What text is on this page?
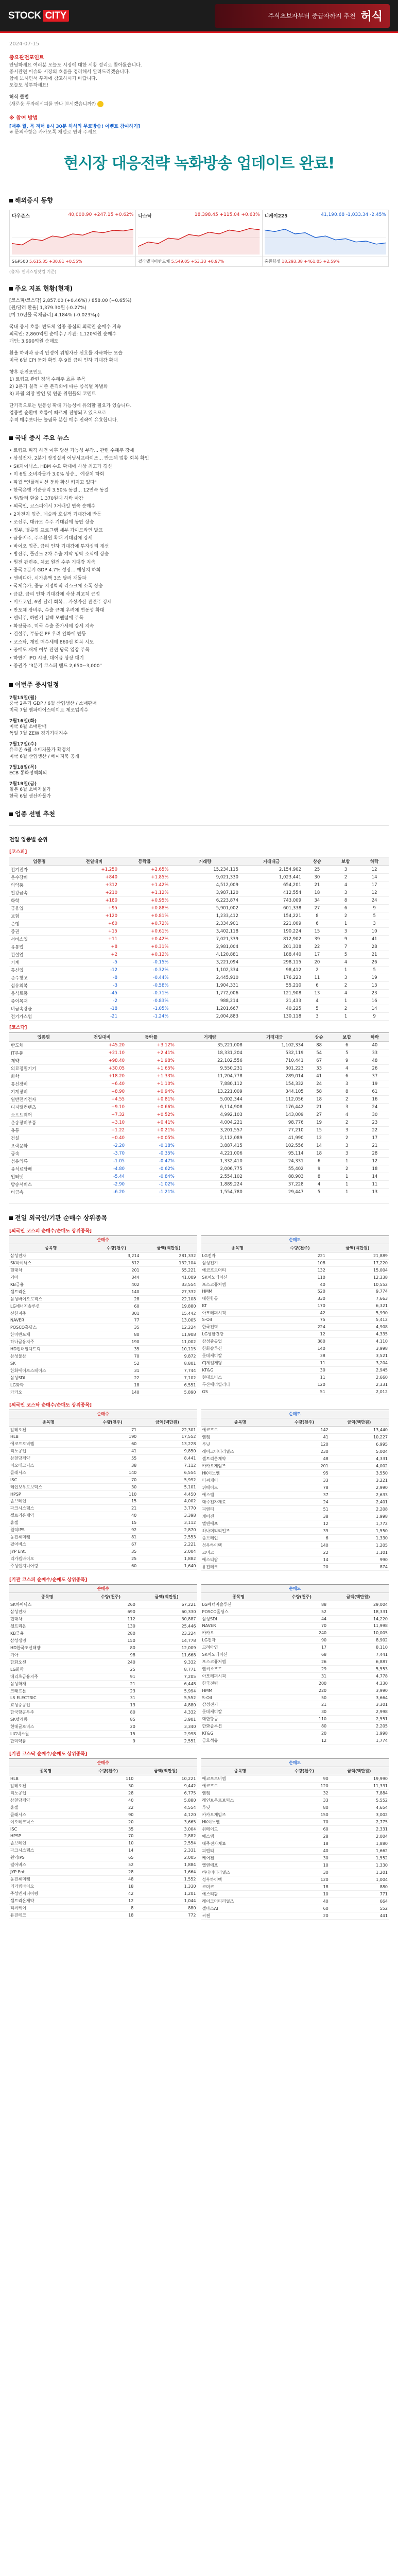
STOCK CITY	주식초보자부터 중급자까지 추천 허식
2024-07-15
중요관전포인트

안녕하세요 여러분 오늘도 시장에 대한 시황 정리로 찾아왔습니다.

증시관련 이슈와 시장의 흐름을 정리해서 알려드리겠습니다.

함께 보시면서 투자에 참고하시기 바랍니다.

오늘도 성투하세요!

허식 클럽
(새로운 투자레시피를 만나 보시겠습니까?)
※ 참여 방법
[매주 월, 목 저녁 8시 30분 허식의 무료방송! 이벤트 참여하기]
※ 문의사항은 카카오톡 채널로 연락 주세요
현시장 대응전략 녹화방송 업데이트 완료!
해외증시 동향
다우존스	40,000.90 +247.15 +0.62% 나스닥	18,398.45 +115.04 +0.63% 니케이225	41,190.68 -1,033.34 -2.45%
S&P500 5,615.35 +30.81 +0.55%	필라델피아반도체 5,549.05 +53.33 +0.97%	홍콩항셍 18,293.38 +461.05 +2.59%
(출처: 인베스팅닷컴 기준)
주요 지표 현황(현재)
[코스피/코스닥] 2,857.00 (+0.46%) / 858.00 (+0.65%)
[원/달러 환율] 1,379.30원 (-0.27%)
[미 10년물 국채금리] 4.184% (-0.023%p)
국내 증시 흐름: 반도체 업종 중심의 외국인 순매수 지속
외국인: 2,860억원 순매수 / 기관: 1,120억원 순매수
개인: 3,990억원 순매도
환율 하락과 금리 안정이 위험자산 선호를 자극하는 모습
미국 6월 CPI 둔화 확인 후 9월 금리 인하 기대감 확대
향후 관전포인트
1) 트럼프 관련 정책 수혜주 흐름 주목
2) 2분기 실적 시즌 본격화에 따른 종목별 차별화
3) 파월 의장 발언 및 연준 위원들의 코멘트
단기적으로는 변동성 확대 가능성에 유의할 필요가 있습니다.
업종별 순환매 흐름이 빠르게 진행되고 있으므로
추격 매수보다는 눌림목 분할 매수 전략이 유효합니다.
국내 증시 주요 뉴스
• 트럼프 피격 사건 이후 당선 가능성 부각... 관련 수혜주 강세
• 삼성전자, 2분기 잠정실적 어닝서프라이즈... 반도체 업황 회복 확인
• SK하이닉스, HBM 수요 확대에 사상 최고가 경신
• 미 6월 소비자물가 3.0% 상승... 예상치 하회
• 파월 "인플레이션 둔화 확신 커지고 있다"
• 한국은행 기준금리 3.50% 동결... 12연속 동결
• 원/달러 환율 1,370원대 하락 마감
• 외국인, 코스피에서 7거래일 연속 순매수
• 2차전지 업종, 테슬라 호실적 기대감에 반등
• 조선주, 대규모 수주 기대감에 동반 상승
• 정부, 밸류업 프로그램 세부 가이드라인 발표
• 금융지주, 주주환원 확대 기대감에 강세
• 바이오 업종, 금리 인하 기대감에 투자심리 개선
• 방산주, 폴란드 2차 수출 계약 임박 소식에 상승
• 원전 관련주, 체코 원전 수주 기대감 지속
• 중국 2분기 GDP 4.7% 성장... 예상치 하회
• 엔비디아, 시가총액 3조 달러 재돌파
• 국제유가, 중동 지정학적 리스크에 소폭 상승
• 금값, 금리 인하 기대감에 사상 최고치 근접
• 비트코인, 6만 달러 회복... 가상자산 관련주 강세
• 반도체 장비주, 수출 규제 우려에 변동성 확대
• 엔터주, 하반기 컴백 모멘텀에 주목
• 화장품주, 미국 수출 증가세에 강세 지속
• 건설주, 부동산 PF 우려 완화에 반등
• 코스닥, 개인 매수세에 860선 회복 시도
• 공매도 재개 여부 관련 당국 입장 주목
• 하반기 IPO 시장, 대어급 상장 대기
• 증권가 "3분기 코스피 밴드 2,650~3,000"
이번주 증시일정
7월15일(월)
중국 2분기 GDP / 6월 산업생산 / 소매판매
미국 7월 엠파이어스테이트 제조업지수
7월16일(화)
미국 6월 소매판매
독일 7월 ZEW 경기기대지수
7월17일(수)
유로존 6월 소비자물가 확정치
미국 6월 산업생산 / 베이지북 공개
7월18일(목)
ECB 통화정책회의
7월19일(금)
일본 6월 소비자물가
한국 6월 생산자물가
업종 선별 추천
전일 업종별 순위
[코스피]
업종명	전일대비	등락률	거래량	거래대금	상승	보합	하락
전기전자	+1,250	+2.65%	15,234,115	2,154,902	25	3	12
운수장비	+840	+1.85%	9,021,330	1,023,441	30	2	14
의약품	+312	+1.42%	4,512,009	654,201	21	4	17
철강금속	+210	+1.12%	3,987,120	412,554	18	3	12
화학	+180	+0.95%	6,223,874	743,009	34	8	24
금융업	+95	+0.88%	5,901,002	601,338	27	6	9
보험	+120	+0.81%	1,233,412	154,221	8	2	5
은행	+60	+0.72%	2,334,901	221,009	6	1	3
증권	+15	+0.61%	3,402,118	190,224	15	3	10
서비스업	+11	+0.42%	7,021,339	812,902	39	9	41
유통업	+8	+0.31%	2,981,004	201,338	22	7	28
건설업	+2	+0.12%	4,120,881	188,440	17	5	21
기계	-5	-0.15%	3,221,094	298,115	20	4	26
통신업	-12	-0.32%	1,102,334	98,412	2	1	5
운수창고	-8	-0.44%	2,445,910	176,223	11	3	19
섬유의복	-3	-0.58%	1,904,331	55,210	6	2	13
음식료품	-45	-0.71%	1,772,006	121,908	13	4	23
종이목재	-2	-0.83%	988,214	21,433	4	1	16
비금속광물	-18	-1.05%	1,201,667	40,225	5	2	14
전기가스업	-21	-1.24%	2,004,883	130,118	3	1	9
[코스닥]
업종명	전일대비	등락률	거래량	거래대금	상승	보합	하락
반도체	+45.20	+3.12%	35,221,008	1,102,334	88	6	40
IT부품	+21.10	+2.41%	18,331,204	532,119	54	5	33
제약	+98.40	+1.98%	22,102,556	710,441	67	9	48
의료정밀기기	+30.05	+1.65%	9,550,231	301,223	33	4	26
화학	+18.20	+1.33%	11,204,778	289,014	41	6	37
통신장비	+6.40	+1.10%	7,880,112	154,332	24	3	19
기계장비	+8.90	+0.94%	13,221,009	344,105	58	8	61
일반전기전자	+4.55	+0.81%	5,002,344	112,056	18	2	16
디지털컨텐츠	+9.10	+0.66%	6,114,908	176,442	21	3	24
소프트웨어	+7.32	+0.52%	4,992,103	143,009	27	4	30
운송장비부품	+3.10	+0.41%	4,004,221	98,776	19	2	23
유통	+1.22	+0.21%	3,201,557	77,210	15	3	22
건설	+0.40	+0.05%	2,112,089	41,990	12	2	17
오락문화	-2.20	-0.18%	3,887,415	102,556	14	3	21
금속	-3.70	-0.35%	4,221,006	95,114	18	3	28
섬유의류	-1.05	-0.47%	1,332,410	24,331	6	1	12
음식료담배	-4.80	-0.62%	2,006,775	55,402	9	2	18
인터넷	-5.44	-0.84%	2,554,102	88,903	8	1	14
방송서비스	-2.90	-1.02%	1,889,224	37,228	4	1	11
비금속	-6.20	-1.21%	1,554,780	29,447	5	1	13
전일 외국인/기관 순매수 상위종목
[외국인 코스피 순매수/순매도 상위종목]
순매수		
종목명	수량(천주)	금액(백만원)
삼성전자	3,214	281,332
SK하이닉스	512	132,104
현대차	201	55,221
기아	344	41,009
KB금융	402	33,554
셀트리온	140	27,332
삼성바이오로직스	28	22,108
LG에너지솔루션	60	19,880
신한지주	301	15,442
NAVER	77	13,005
POSCO홀딩스	35	12,224
한미반도체	80	11,908
하나금융지주	190	11,002
HD현대일렉트릭	35	10,115
삼성물산	70	9,872
SK	52	8,801
한화에어로스페이스	31	7,744
삼성SDI	22	7,102
LG화학	18	6,551
카카오	140	5,890
순매도		
종목명	수량(천주)	금액(백만원)
LG전자	221	21,889
삼성전기	108	17,220
에코프로머티	132	15,004
SK이노베이션	110	12,338
포스코퓨처엠	40	10,552
HMM	520	9,774
대한항공	330	7,663
KT	170	6,321
아모레퍼시픽	42	5,990
S-Oil	75	5,412
한국전력	224	4,908
LG생활건강	12	4,335
삼성중공업	380	4,110
한화솔루션	140	3,998
롯데케미칼	38	3,521
CJ제일제당	11	3,204
KT&G	30	2,945
현대모비스	11	2,660
두산에너빌리티	120	2,331
GS	51	2,012
[외국인 코스닥 순매수/순매도 상위종목]
순매수		
종목명	수량(천주)	금액(백만원)
알테오젠	71	22,301
HLB	190	17,552
에코프로비엠	60	13,228
리노공업	41	9,850
삼천당제약	55	8,441
이오테크닉스	38	7,112
클래시스	140	6,554
ISC	70	5,992
레인보우로보틱스	30	5,101
HPSP	110	4,450
솔브레인	15	4,002
파크시스템스	21	3,770
셀트리온제약	40	3,398
휴젤	15	3,112
원익IPS	92	2,870
동진쎄미켐	81	2,553
펄어비스	67	2,221
JYP Ent.	35	2,004
리가켐바이오	25	1,882
주성엔지니어링	60	1,640
순매도		
종목명	수량(천주)	금액(백만원)
에코프로	142	13,440
엔켐	41	10,227
루닛	120	6,995
레이크머티리얼즈	230	5,004
셀트리온제약	48	4,331
카카오게임즈	201	4,002
HK이노엔	95	3,550
티씨케이	33	3,221
위메이드	78	2,990
에스엠	37	2,633
대주전자재료	24	2,401
피엔티	51	2,208
케어젠	38	1,998
엘앤에프	12	1,772
하나머티리얼즈	39	1,550
솔브레인	6	1,330
성우하이텍	140	1,205
코미코	22	1,101
에스티팜	14	990
유진테크	20	874
[기관 코스피 순매수/순매도 상위종목]
순매수		
종목명	수량(천주)	금액(백만원)
SK하이닉스	260	67,221
삼성전자	690	60,330
현대차	112	30,887
셀트리온	130	25,446
KB금융	280	23,224
삼성생명	150	14,778
HD한국조선해양	80	12,009
기아	98	11,668
한화오션	240	9,332
LG화학	25	8,771
메리츠금융지주	91	7,205
삼성화재	21	6,448
크래프톤	23	5,994
LS ELECTRIC	31	5,552
효성중공업	13	4,880
한국항공우주	80	4,332
SK텔레콤	85	3,901
현대글로비스	20	3,340
LIG넥스원	15	2,998
한미약품	9	2,551
순매도		
종목명	수량(천주)	금액(백만원)
LG에너지솔루션	88	29,004
POSCO홀딩스	52	18,331
삼성SDI	44	14,220
NAVER	70	11,998
카카오	240	10,005
LG전자	90	8,902
고려아연	17	8,110
SK이노베이션	68	7,441
포스코퓨처엠	26	6,887
엔씨소프트	29	5,553
아모레퍼시픽	31	4,778
한국전력	200	4,330
HMM	220	3,990
S-Oil	50	3,664
삼성전기	21	3,301
롯데케미칼	30	2,998
대한항공	110	2,551
한화솔루션	80	2,205
KT&G	20	1,998
금호석유	12	1,774
[기관 코스닥 순매수/순매도 상위종목]
순매수		
종목명	수량(천주)	금액(백만원)
HLB	110	10,221
알테오젠	30	9,442
리노공업	28	6,775
삼천당제약	40	5,880
휴젤	22	4,554
클래시스	90	4,120
이오테크닉스	20	3,665
ISC	35	3,004
HPSP	70	2,882
솔브레인	10	2,554
파크시스템스	14	2,331
원익IPS	65	2,005
펄어비스	52	1,884
JYP Ent.	28	1,664
동진쎄미켐	48	1,552
리가켐바이오	18	1,330
주성엔지니어링	42	1,201
셀트리온제약	12	1,044
티씨케이	8	880
유진테크	18	772
순매도		
종목명	수량(천주)	금액(백만원)
에코프로비엠	90	19,990
에코프로	120	11,331
엔켐	32	7,884
레인보우로보틱스	33	5,552
루닛	80	4,654
카카오게임즈	150	3,002
HK이노엔	70	2,775
위메이드	60	2,331
에스엠	28	2,004
대주전자재료	18	1,880
피엔티	40	1,662
케어젠	30	1,552
엘앤에프	10	1,330
하나머티리얼즈	30	1,201
성우하이텍	120	1,004
코미코	18	880
에스티팜	10	771
레이크머티리얼즈	40	664
셀바스AI	60	552
씨젠	20	441
